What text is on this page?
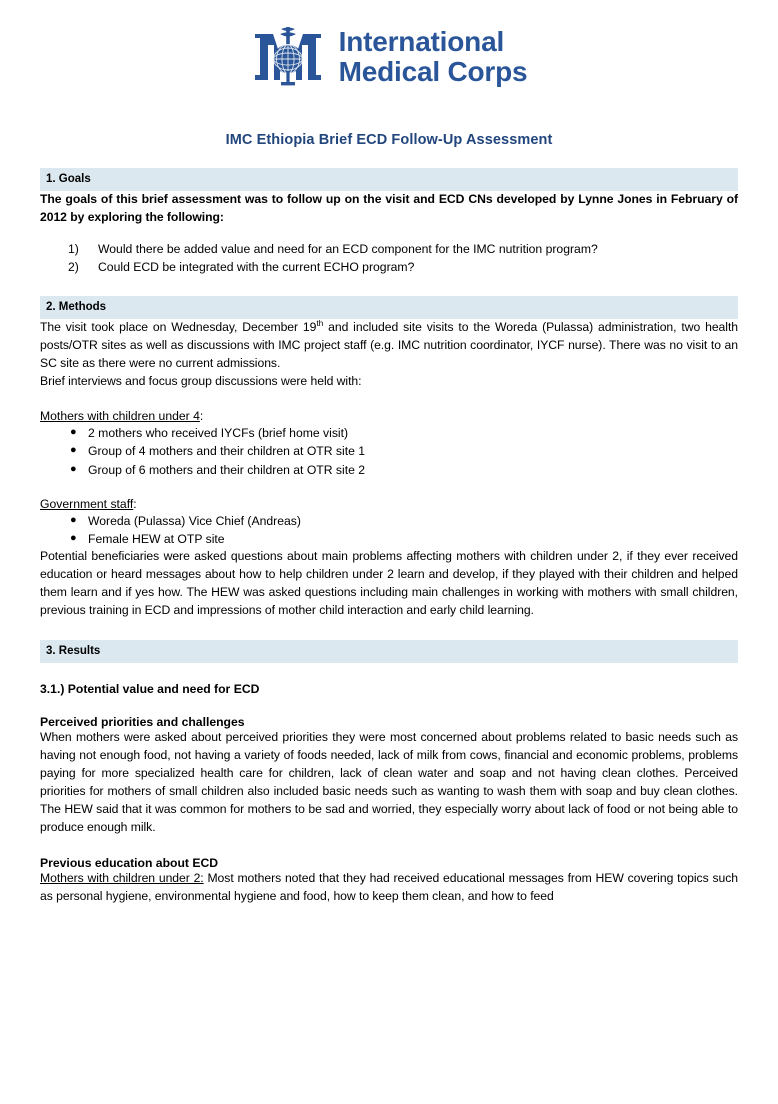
International
Medical Corps
IMC Ethiopia Brief ECD Follow-Up Assessment
1. Goals

The goals of this brief assessment was to follow up on the visit and ECD CNs developed by Lynne Jones in February of 2012 by exploring the following:

1)	Would there be added value and need for an ECD component for the IMC nutrition program?
2)	Could ECD be integrated with the current ECHO program?
2. Methods

The visit took place on Wednesday, December 19th and included site visits to the Woreda (Pulassa) administration, two health posts/OTR sites as well as discussions with IMC project staff (e.g. IMC nutrition coordinator, IYCF nurse). There was no visit to an SC site as there were no current admissions.

Brief interviews and focus group discussions were held with:

Mothers with children under 4:
● 2 mothers who received IYCFs (brief home visit)
● Group of 4 mothers and their children at OTR site 1
● Group of 6 mothers and their children at OTR site 2
Government staff:
● Woreda (Pulassa) Vice Chief (Andreas)
● Female HEW at OTP site

Potential beneficiaries were asked questions about main problems affecting mothers with children under 2, if they ever received education or heard messages about how to help children under 2 learn and develop, if they played with their children and helped them learn and if yes how. The HEW was asked questions including main challenges in working with mothers with small children, previous training in ECD and impressions of mother child interaction and early child learning.

3. Results
3.1.) Potential value and need for ECD
Perceived priorities and challenges

When mothers were asked about perceived priorities they were most concerned about problems related to basic needs such as having not enough food, not having a variety of foods needed, lack of milk from cows, financial and economic problems, problems paying for more specialized health care for children, lack of clean water and soap and not having clean clothes. Perceived priorities for mothers of small children also included basic needs such as wanting to wash them with soap and buy clean clothes. The HEW said that it was common for mothers to be sad and worried, they especially worry about lack of food or not being able to produce enough milk.

Previous education about ECD

Mothers with children under 2: Most mothers noted that they had received educational messages from HEW covering topics such as personal hygiene, environmental hygiene and food, how to keep them clean, and how to feed
